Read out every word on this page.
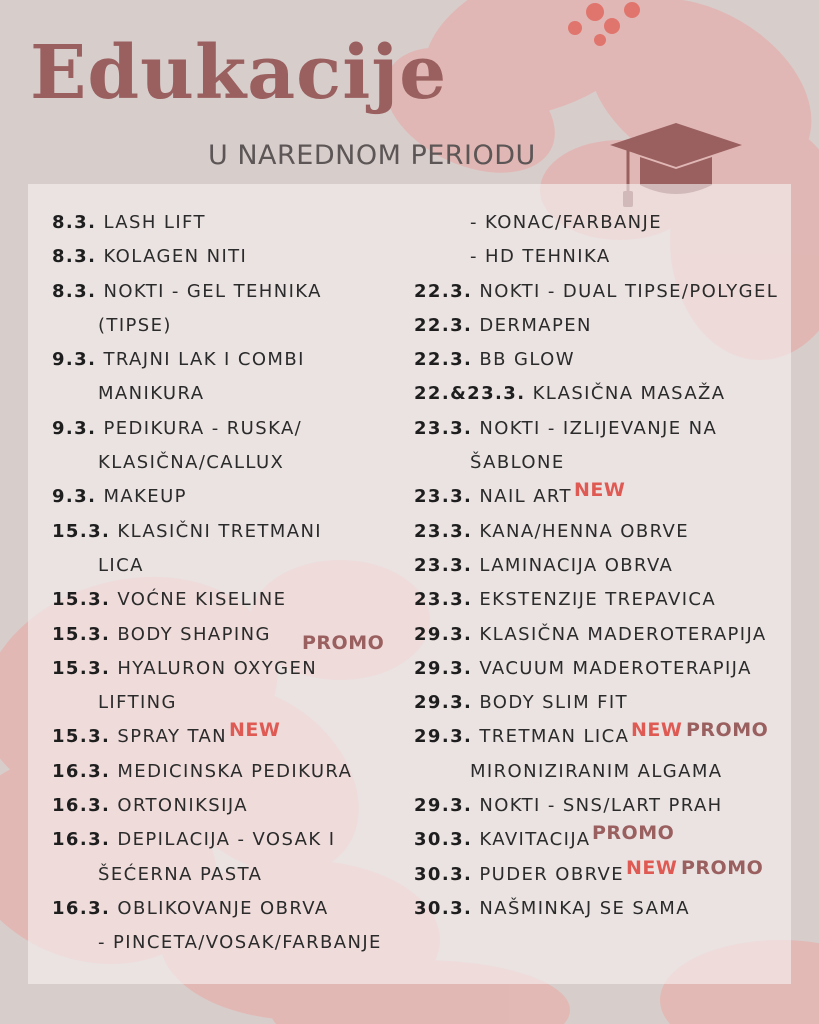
Edukacije
U NAREDNOM PERIODU
8.3. LASH LIFT
8.3. KOLAGEN NITI
8.3. NOKTI - GEL TEHNIKA
(TIPSE)
9.3. TRAJNI LAK I COMBI
MANIKURA
9.3. PEDIKURA - RUSKA/
KLASIČNA/CALLUX
9.3. MAKEUP
15.3. KLASIČNI TRETMANI
LICA
15.3. VOĆNE KISELINE
15.3. BODY SHAPING
15.3. HYALURON OXYGEN
PROMO
LIFTING
15.3. SPRAY TAN NEW
16.3. MEDICINSKA PEDIKURA
16.3. ORTONIKSIJA
16.3. DEPILACIJA - VOSAK I
ŠEĆERNA PASTA
16.3. OBLIKOVANJE OBRVA
- PINCETA/VOSAK/FARBANJE
- KONAC/FARBANJE
- HD TEHNIKA
22.3. NOKTI - DUAL TIPSE/POLYGEL
22.3. DERMAPEN
22.3. BB GLOW
22.&23.3. KLASIČNA MASAŽA
23.3. NOKTI - IZLIJEVANJE NA
ŠABLONE
23.3. NAIL ART NEW
23.3. KANA/HENNA OBRVE
23.3. LAMINACIJA OBRVA
23.3. EKSTENZIJE TREPAVICA
29.3. KLASIČNA MADEROTERAPIJA
29.3. VACUUM MADEROTERAPIJA
29.3. BODY SLIM FIT
29.3. TRETMAN LICA NEW PROMO
MIRONIZIRANIM ALGAMA
29.3. NOKTI - SNS/LART PRAH
30.3. KAVITACIJA PROMO
30.3. PUDER OBRVE NEW PROMO
30.3. NAŠMINKAJ SE SAMA
